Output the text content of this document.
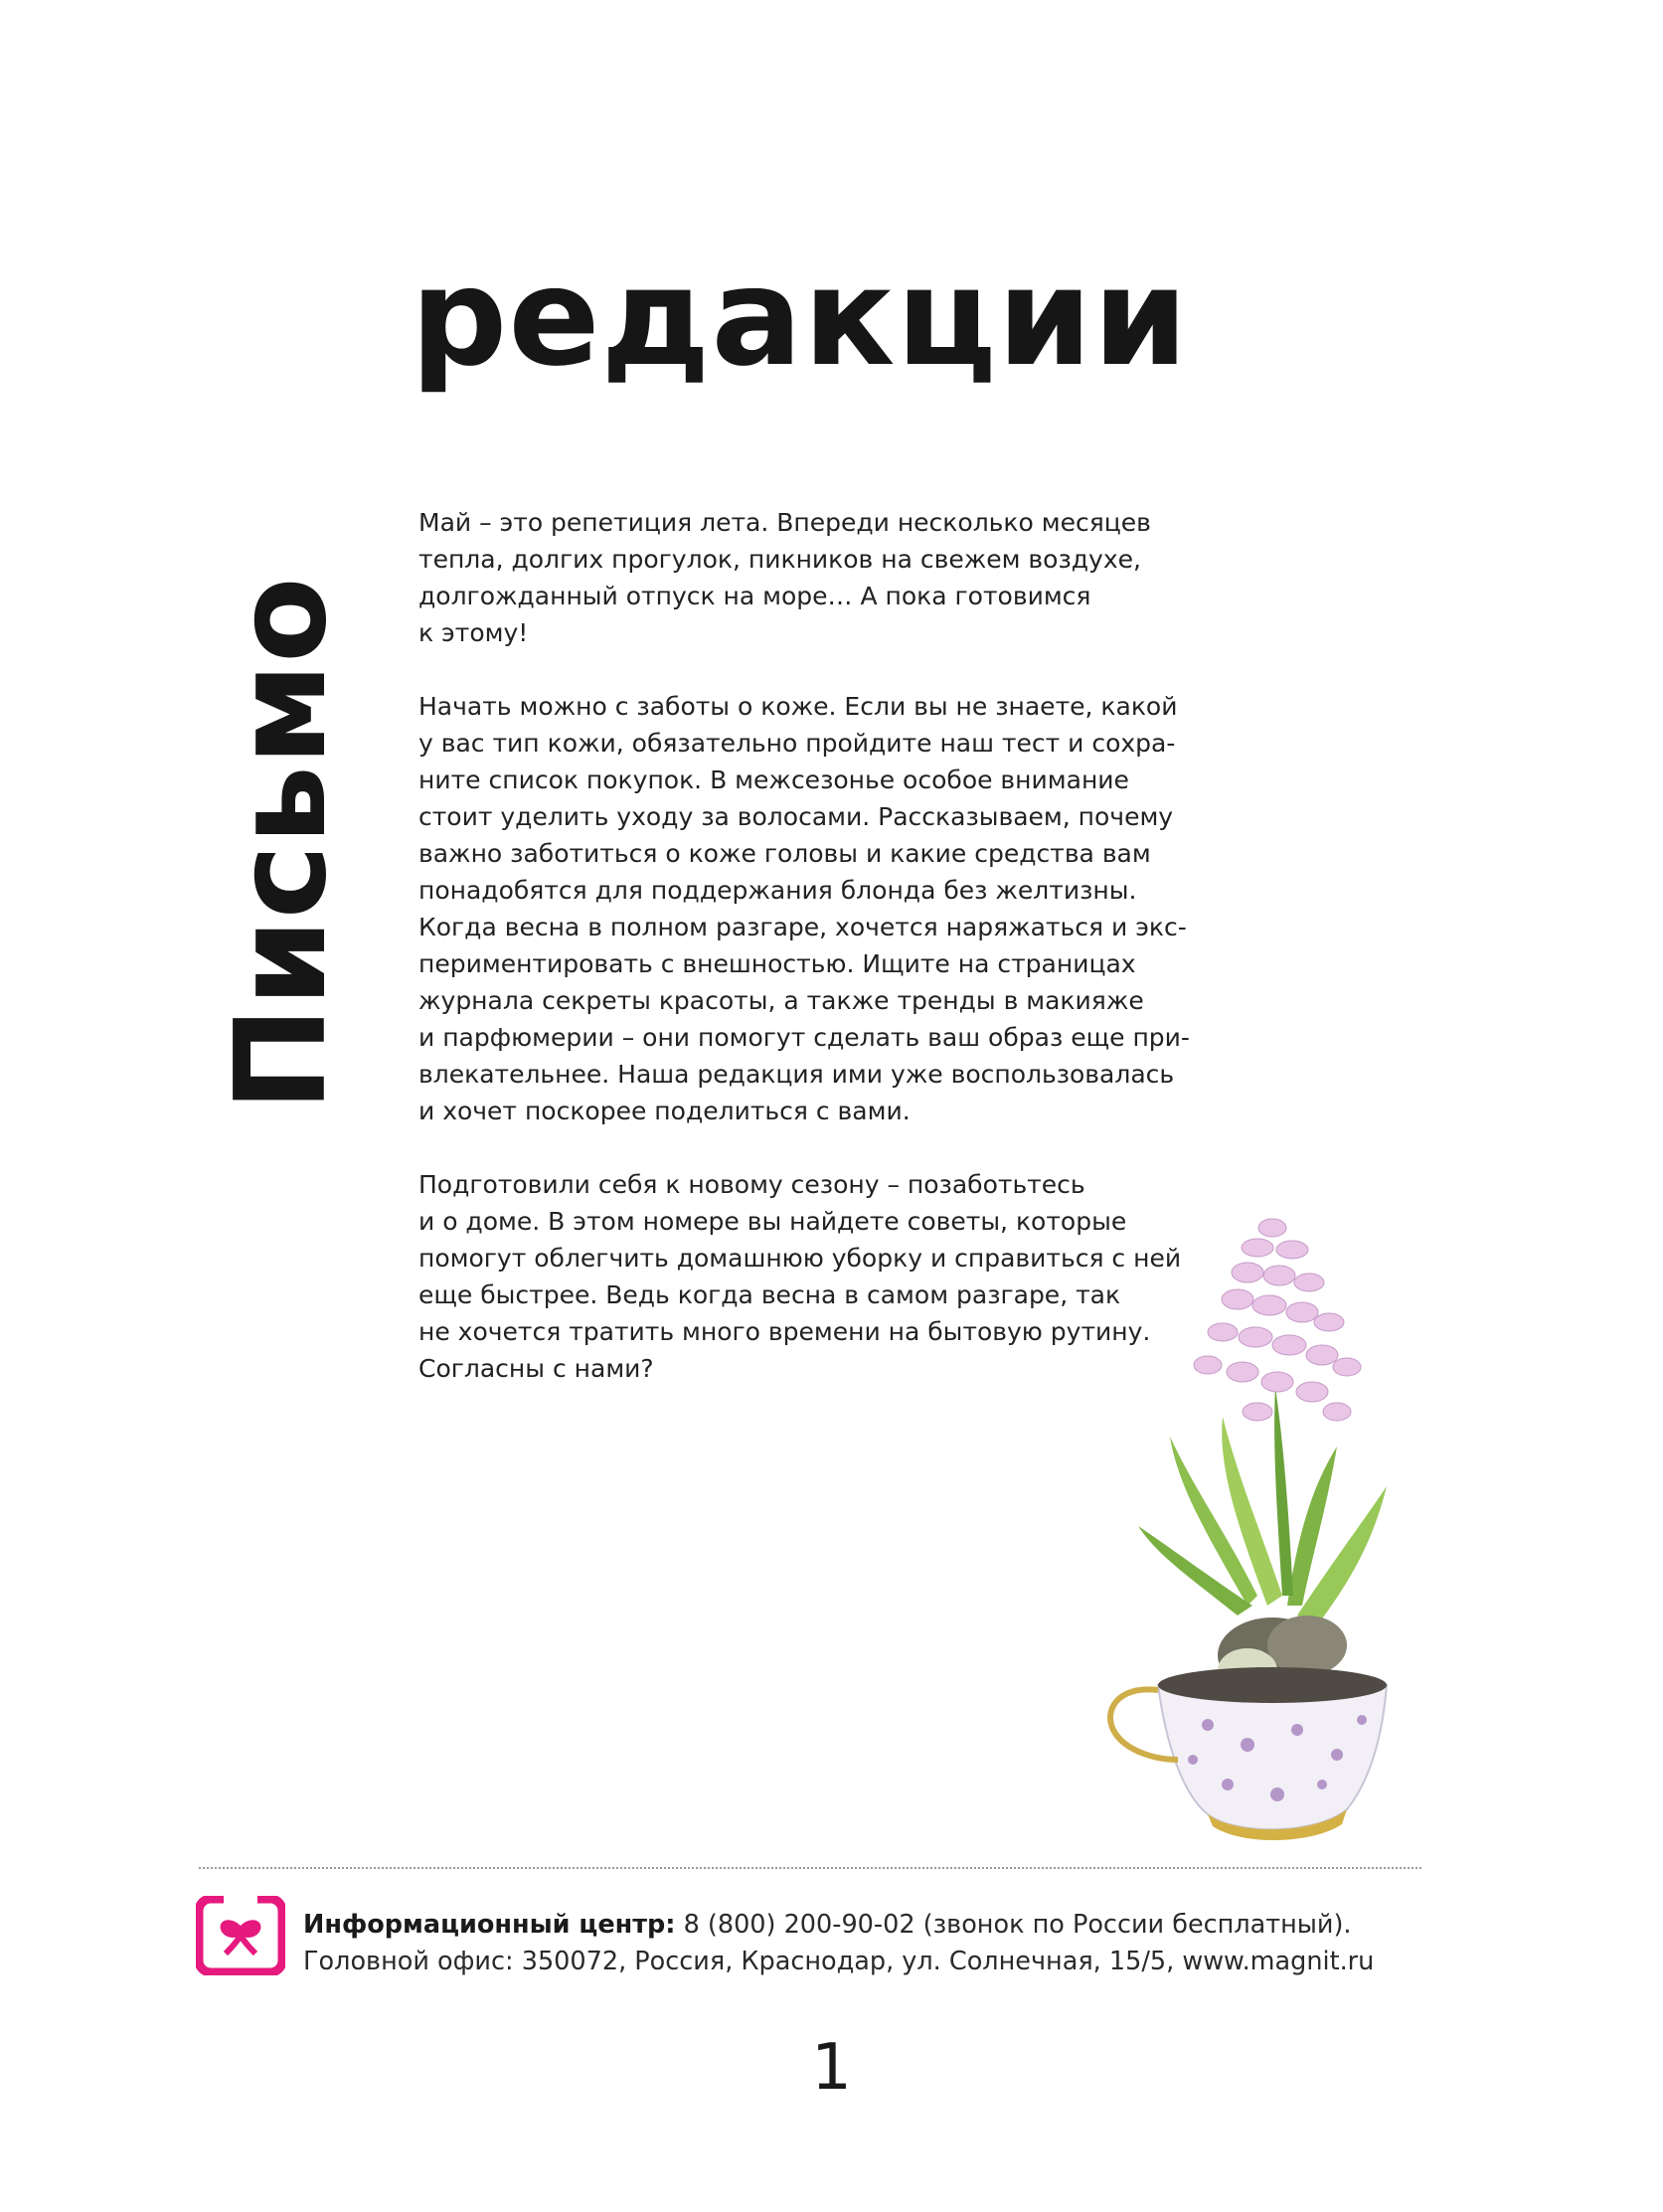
редакции
Письмо

Май – это репетиция лета. Впереди несколько месяцев
тепла, долгих прогулок, пикников на свежем воздухе,
долгожданный отпуск на море… А пока готовимся
к этому!

Начать можно с заботы о коже. Если вы не знаете, какой
у вас тип кожи, обязательно пройдите наш тест и сохра-
ните список покупок. В межсезонье особое внимание
стоит уделить уходу за волосами. Рассказываем, почему
важно заботиться о коже головы и какие средства вам
понадобятся для поддержания блонда без желтизны.
Когда весна в полном разгаре, хочется наряжаться и экс-
периментировать с внешностью. Ищите на страницах
журнала секреты красоты, а также тренды в макияже
и парфюмерии – они помогут сделать ваш образ еще при-
влекательнее. Наша редакция ими уже воспользовалась
и хочет поскорее поделиться с вами.

Подготовили себя к новому сезону – позаботьтесь
и о доме. В этом номере вы найдете советы, которые
помогут облегчить домашнюю уборку и справиться с ней
еще быстрее. Ведь когда весна в самом разгаре, так
не хочется тратить много времени на бытовую рутину.
Согласны с нами?

Информационный центр: 8 (800) 200-90-02 (звонок по России бесплатный).
Головной офис: 350072, Россия, Краснодар, ул. Солнечная, 15/5, www.magnit.ru
1
